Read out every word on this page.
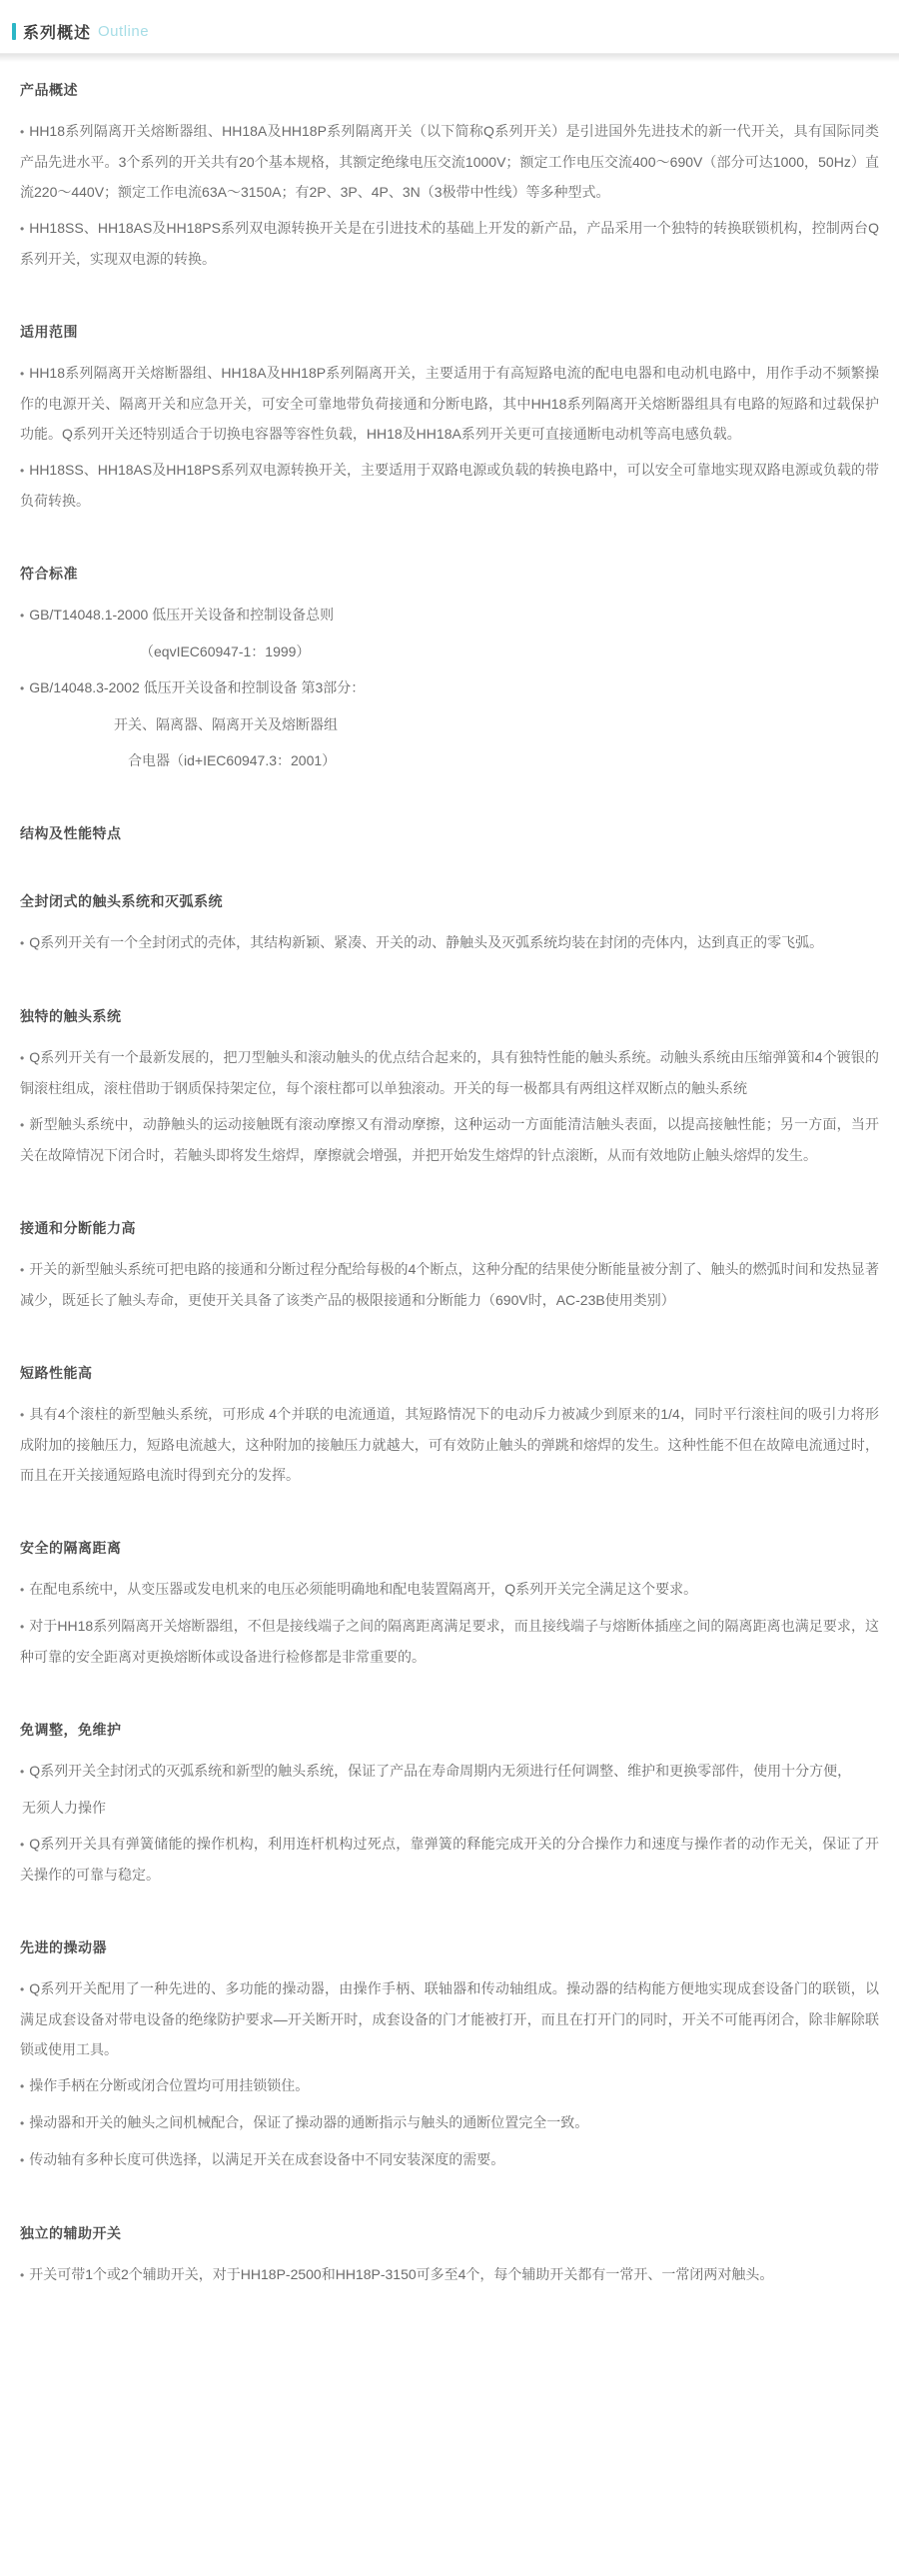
系列概述 Outline
产品概述

• HH18系列隔离开关熔断器组、HH18A及HH18P系列隔离开关（以下简称Q系列开关）是引进国外先进技术的新一代开关，具有国际同类产品先进水平。3个系列的开关共有20个基本规格，其额定绝缘电压交流1000V；额定工作电压交流400～690V（部分可达1000，50Hz）直流220～440V；额定工作电流63A～3150A；有2P、3P、4P、3N（3极带中性线）等多种型式。

• HH18SS、HH18AS及HH18PS系列双电源转换开关是在引进技术的基础上开发的新产品，产品采用一个独特的转换联锁机构，控制两台Q系列开关，实现双电源的转换。

适用范围

• HH18系列隔离开关熔断器组、HH18A及HH18P系列隔离开关，主要适用于有高短路电流的配电电器和电动机电路中，用作手动不频繁操作的电源开关、隔离开关和应急开关，可安全可靠地带负荷接通和分断电路，其中HH18系列隔离开关熔断器组具有电路的短路和过载保护功能。Q系列开关还特别适合于切换电容器等容性负载，HH18及HH18A系列开关更可直接通断电动机等高电感负载。

• HH18SS、HH18AS及HH18PS系列双电源转换开关，主要适用于双路电源或负载的转换电路中，可以安全可靠地实现双路电源或负载的带负荷转换。

符合标准

• GB/T14048.1-2000 低压开关设备和控制设备总则

（eqvIEC60947-1：1999）

• GB/14048.3-2002 低压开关设备和控制设备 第3部分：

开关、隔离器、隔离开关及熔断器组

合电器（id+IEC60947.3：2001）

结构及性能特点
全封闭式的触头系统和灭弧系统

• Q系列开关有一个全封闭式的壳体，其结构新颖、紧凑、开关的动、静触头及灭弧系统均装在封闭的壳体内，达到真正的零飞弧。

独特的触头系统

• Q系列开关有一个最新发展的，把刀型触头和滚动触头的优点结合起来的，具有独特性能的触头系统。动触头系统由压缩弹簧和4个镀银的铜滚柱组成，滚柱借助于钢质保持架定位，每个滚柱都可以单独滚动。开关的每一极都具有两组这样双断点的触头系统

• 新型触头系统中，动静触头的运动接触既有滚动摩擦又有滑动摩擦，这种运动一方面能清洁触头表面，以提高接触性能；另一方面，当开关在故障情况下闭合时，若触头即将发生熔焊，摩擦就会增强，并把开始发生熔焊的针点滚断，从而有效地防止触头熔焊的发生。

接通和分断能力高

• 开关的新型触头系统可把电路的接通和分断过程分配给每极的4个断点，这种分配的结果使分断能量被分割了、触头的燃弧时间和发热显著减少，既延长了触头寿命，更使开关具备了该类产品的极限接通和分断能力（690V时，AC-23B使用类别）

短路性能高

• 具有4个滚柱的新型触头系统，可形成 4个并联的电流通道，其短路情况下的电动斥力被减少到原来的1/4，同时平行滚柱间的吸引力将形成附加的接触压力，短路电流越大，这种附加的接触压力就越大，可有效防止触头的弹跳和熔焊的发生。这种性能不但在故障电流通过时，而且在开关接通短路电流时得到充分的发挥。

安全的隔离距离

• 在配电系统中，从变压器或发电机来的电压必须能明确地和配电装置隔离开，Q系列开关完全满足这个要求。

• 对于HH18系列隔离开关熔断器组，不但是接线端子之间的隔离距离满足要求，而且接线端子与熔断体插座之间的隔离距离也满足要求，这种可靠的安全距离对更换熔断体或设备进行检修都是非常重要的。

免调整，免维护

• Q系列开关全封闭式的灭弧系统和新型的触头系统，保证了产品在寿命周期内无须进行任何调整、维护和更换零部件，使用十分方便，

无须人力操作

• Q系列开关具有弹簧储能的操作机构，利用连杆机构过死点，靠弹簧的释能完成开关的分合操作力和速度与操作者的动作无关，保证了开关操作的可靠与稳定。

先进的操动器

• Q系列开关配用了一种先进的、多功能的操动器，由操作手柄、联轴器和传动轴组成。操动器的结构能方便地实现成套设备门的联锁，以满足成套设备对带电设备的绝缘防护要求—开关断开时，成套设备的门才能被打开，而且在打开门的同时，开关不可能再闭合，除非解除联锁或使用工具。

• 操作手柄在分断或闭合位置均可用挂锁锁住。

• 操动器和开关的触头之间机械配合，保证了操动器的通断指示与触头的通断位置完全一致。

• 传动轴有多种长度可供选择，以满足开关在成套设备中不同安装深度的需要。

独立的辅助开关

• 开关可带1个或2个辅助开关，对于HH18P-2500和HH18P-3150可多至4个，每个辅助开关都有一常开、一常闭两对触头。
